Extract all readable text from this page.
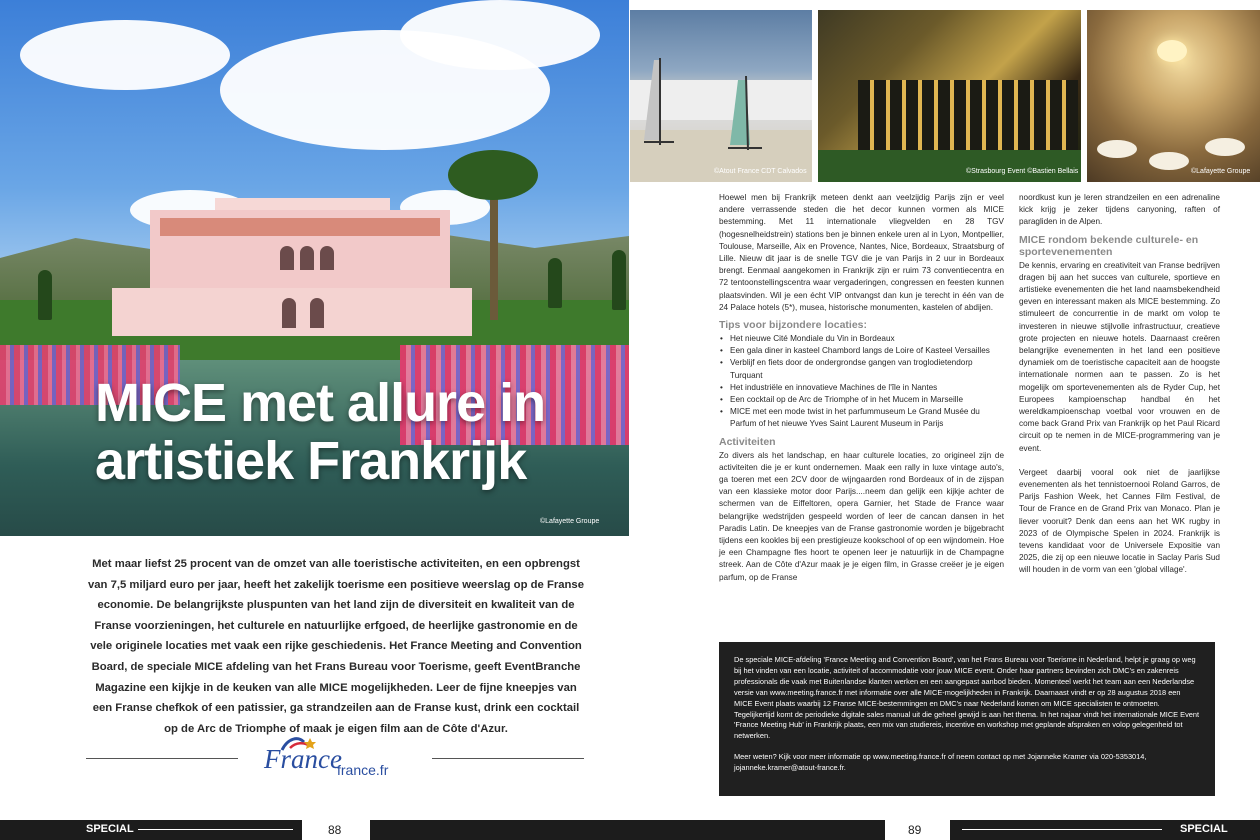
MICE met allure in
artistiek Frankrijk
©Lafayette Groupe
Met maar liefst 25 procent van de omzet van alle toeristische activiteiten, en een opbrengst van 7,5 miljard euro per jaar, heeft het zakelijk toerisme een positieve weerslag op de Franse economie. De belangrijkste pluspunten van het land zijn de diversiteit en kwaliteit van de Franse voorzieningen, het culturele en natuurlijke erfgoed, de heerlijke gastronomie en de vele originele locaties met vaak een rijke geschiedenis. Het France Meeting and Convention Board, de speciale MICE afdeling van het Frans Bureau voor Toerisme, geeft EventBranche Magazine een kijkje in de keuken van alle MICE mogelijkheden. Leer de fijne kneepjes van een Franse chefkok of een patissier, ga strandzeilen aan de Franse kust, drink een cocktail op de Arc de Triomphe of maak je eigen film aan de Côte d'Azur.
France
france.fr
©Atout France CDT Calvados	©Strasbourg Event ©Bastien Bellais	©Lafayette Groupe

Hoewel men bij Frankrijk meteen denkt aan veelzijdig Parijs zijn er veel andere verrassende steden die het decor kunnen vormen als MICE bestemming. Met 11 internationale vliegvelden en 28 TGV (hogesnelheidstrein) stations ben je binnen enkele uren al in Lyon, Montpellier, Toulouse, Marseille, Aix en Provence, Nantes, Nice, Bordeaux, Straatsburg of Lille. Nieuw dit jaar is de snelle TGV die je van Parijs in 2 uur in Bordeaux brengt. Eenmaal aangekomen in Frankrijk zijn er ruim 73 conventiecentra en 72 tentoonstellingscentra waar vergaderingen, congressen en feesten kunnen plaatsvinden. Wil je een écht VIP ontvangst dan kun je terecht in één van de 24 Palace hotels (5*), musea, historische monumenten, kastelen of abdijen.

Tips voor bijzondere locaties:
• Het nieuwe Cité Mondiale du Vin in Bordeaux
• Een gala diner in kasteel Chambord langs de Loire of Kasteel Versailles
• Verblijf en fiets door de ondergrondse gangen van troglodietendorp Turquant
• Het industriële en innovatieve Machines de l'île in Nantes
• Een cocktail op de Arc de Triomphe of in het Mucem in Marseille
• MICE met een mode twist in het parfummuseum Le Grand Musée du Parfum of het nieuwe Yves Saint Laurent Museum in Parijs
Activiteiten

Zo divers als het landschap, en haar culturele locaties, zo origineel zijn de activiteiten die je er kunt ondernemen. Maak een rally in luxe vintage auto's, ga toeren met een 2CV door de wijngaarden rond Bordeaux of in de zijspan van een klassieke motor door Parijs....neem dan gelijk een kijkje achter de schermen van de Eiffeltoren, opera Garnier, het Stade de France waar belangrijke wedstrijden gespeeld worden of leer de cancan dansen in het Paradis Latin. De kneepjes van de Franse gastronomie worden je bijgebracht tijdens een kookles bij een prestigieuze kookschool of op een wijndomein. Hoe je een Champagne fles hoort te openen leer je natuurlijk in de Champagne streek. Aan de Côte d'Azur maak je je eigen film, in Grasse creëer je je eigen parfum, op de Franse

noordkust kun je leren strandzeilen en een adrenaline kick krijg je zeker tijdens canyoning, raften of paragliden in de Alpen.

MICE rondom bekende culturele- en sportevenementen

De kennis, ervaring en creativiteit van Franse bedrijven dragen bij aan het succes van culturele, sportieve en artistieke evenementen die het land naamsbekendheid geven en interessant maken als MICE bestemming. Zo stimuleert de concurrentie in de markt om volop te investeren in nieuwe stijlvolle infrastructuur, creatieve grote projecten en nieuwe hotels. Daarnaast creëren belangrijke evenementen in het land een positieve dynamiek om de toeristische capaciteit aan de hoogste internationale normen aan te passen. Zo is het mogelijk om sportevenementen als de Ryder Cup, het Europees kampioenschap handbal én het wereldkampioenschap voetbal voor vrouwen en de come back Grand Prix van Frankrijk op het Paul Ricard circuit op te nemen in de MICE-programmering van je event.

Vergeet daarbij vooral ook niet de jaarlijkse evenementen als het tennistoernooi Roland Garros, de Parijs Fashion Week, het Cannes Film Festival, de Tour de France en de Grand Prix van Monaco. Plan je liever vooruit? Denk dan eens aan het WK rugby in 2023 of de Olympische Spelen in 2024. Frankrijk is tevens kandidaat voor de Universele Expositie van 2025, die zij op een nieuwe locatie in Saclay Paris Sud will houden in de vorm van een 'global village'.

De speciale MICE-afdeling 'France Meeting and Convention Board', van het Frans Bureau voor Toerisme in Nederland, helpt je graag op weg bij het vinden van een locatie, activiteit of accommodatie voor jouw MICE event. Onder haar partners bevinden zich DMC's en zakenreis professionals die vaak met Buitenlandse klanten werken en een aangepast aanbod bieden. Momenteel werkt het team aan een Nederlandse versie van www.meeting.france.fr met informatie over alle MICE-mogelijkheden in Frankrijk. Daarnaast vindt er op 28 augustus 2018 een MICE Event plaats waarbij 12 Franse MICE-bestemmingen en DMC's naar Nederland komen om MICE specialisten te ontmoeten. Tegelijkertijd komt de periodieke digitale sales manual uit die geheel gewijd is aan het thema. In het najaar vindt het internationale MICE Event 'France Meeting Hub' in Frankrijk plaats, een mix van studiereis, incentive en workshop met geplande afspraken en volop gelegenheid tot netwerken.

Meer weten? Kijk voor meer informatie op www.meeting.france.fr of neem contact op met Jojanneke Kramer via 020-5353014, jojanneke.kramer@atout-france.fr.

SPECIAL	88	89	SPECIAL
